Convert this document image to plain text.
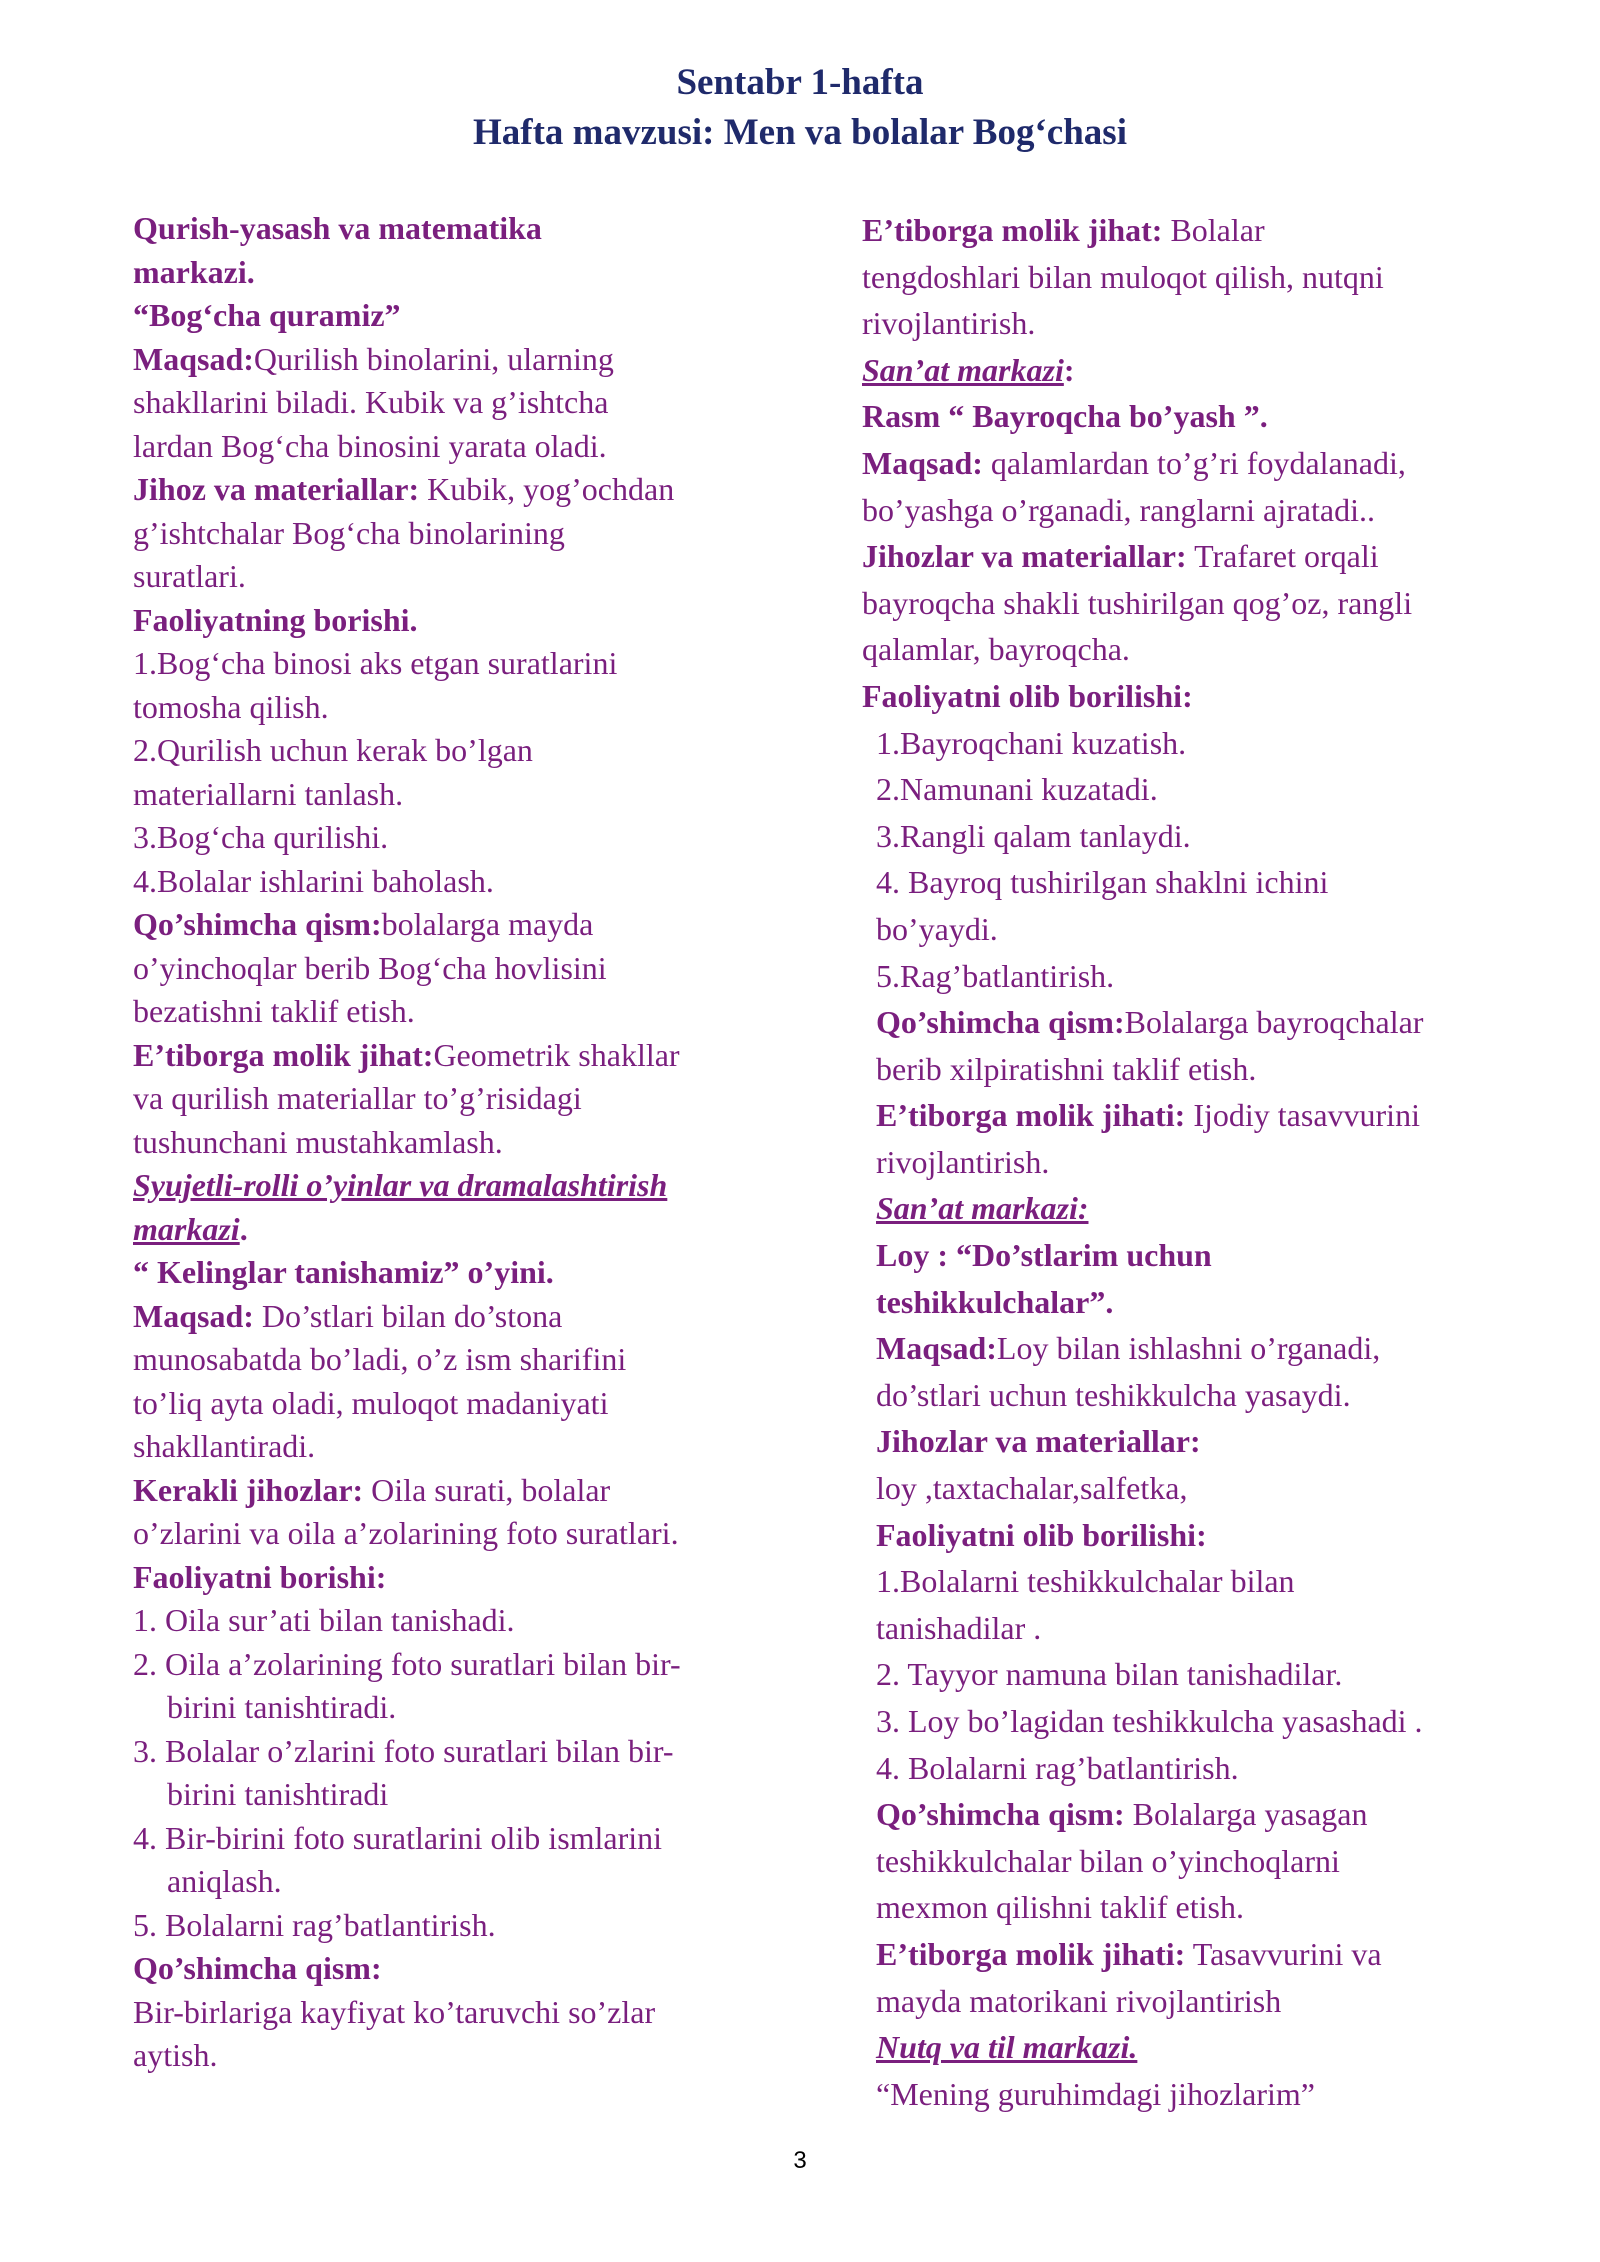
Sentabr 1-hafta
Hafta mavzusi: Men va bolalar Bog‘chasi
Qurish-yasash va matematika
markazi.
“Bog‘cha quramiz”
Maqsad:Qurilish binolarini, ularning
shakllarini biladi. Kubik va g’ishtcha
lardan Bog‘cha binosini yarata oladi.
Jihoz va materiallar: Kubik, yog’ochdan
g’ishtchalar Bog‘cha binolarining
suratlari.
Faoliyatning borishi.
1.Bog‘cha binosi aks etgan suratlarini
tomosha qilish.
2.Qurilish uchun kerak bo’lgan
materiallarni tanlash.
3.Bog‘cha qurilishi.
4.Bolalar ishlarini baholash.
Qo’shimcha qism:bolalarga mayda
o’yinchoqlar berib Bog‘cha hovlisini
bezatishni taklif etish.
E’tiborga molik jihat:Geometrik shakllar
va qurilish materiallar to’g’risidagi
tushunchani mustahkamlash.
Syujetli-rolli o’yinlar va dramalashtirish
markazi.
“ Kelinglar tanishamiz” o’yini.
Maqsad: Do’stlari bilan do’stona
munosabatda bo’ladi, o’z ism sharifini
to’liq ayta oladi, muloqot madaniyati
shakllantiradi.
Kerakli jihozlar: Oila surati, bolalar
o’zlarini va oila a’zolarining foto suratlari.
Faoliyatni borishi:
1. Oila sur’ati bilan tanishadi.
2. Oila a’zolarining foto suratlari bilan bir-
birini tanishtiradi.
3. Bolalar o’zlarini foto suratlari bilan bir-
birini tanishtiradi
4. Bir-birini foto suratlarini olib ismlarini
aniqlash.
5. Bolalarni rag’batlantirish.
Qo’shimcha qism:
Bir-birlariga kayfiyat ko’taruvchi so’zlar
aytish.
E’tiborga molik jihat: Bolalar
tengdoshlari bilan muloqot qilish, nutqni
rivojlantirish.
San’at markazi:
Rasm “ Bayroqcha bo’yash ”.
Maqsad: qalamlardan to’g’ri foydalanadi,
bo’yashga o’rganadi, ranglarni ajratadi..
Jihozlar va materiallar: Trafaret orqali
bayroqcha shakli tushirilgan qog’oz, rangli
qalamlar, bayroqcha.
Faoliyatni olib borilishi:
1.Bayroqchani kuzatish.
2.Namunani kuzatadi.
3.Rangli qalam tanlaydi.
4. Bayroq tushirilgan shaklni ichini
bo’yaydi.
5.Rag’batlantirish.
Qo’shimcha qism:Bolalarga bayroqchalar
berib xilpiratishni taklif etish.
E’tiborga molik jihati: Ijodiy tasavvurini
rivojlantirish.
San’at markazi:
Loy : “Do’stlarim uchun
teshikkulchalar”.
Maqsad:Loy bilan ishlashni o’rganadi,
do’stlari uchun teshikkulcha yasaydi.
Jihozlar va materiallar:
loy ,taxtachalar,salfetka,
Faoliyatni olib borilishi:
1.Bolalarni teshikkulchalar bilan
tanishadilar .
2. Tayyor namuna bilan tanishadilar.
3. Loy bo’lagidan teshikkulcha yasashadi .
4. Bolalarni rag’batlantirish.
Qo’shimcha qism: Bolalarga yasagan
teshikkulchalar bilan o’yinchoqlarni
mexmon qilishni taklif etish.
E’tiborga molik jihati: Tasavvurini va
mayda matorikani rivojlantirish
Nutq va til markazi.
“Mening guruhimdagi jihozlarim”
3
